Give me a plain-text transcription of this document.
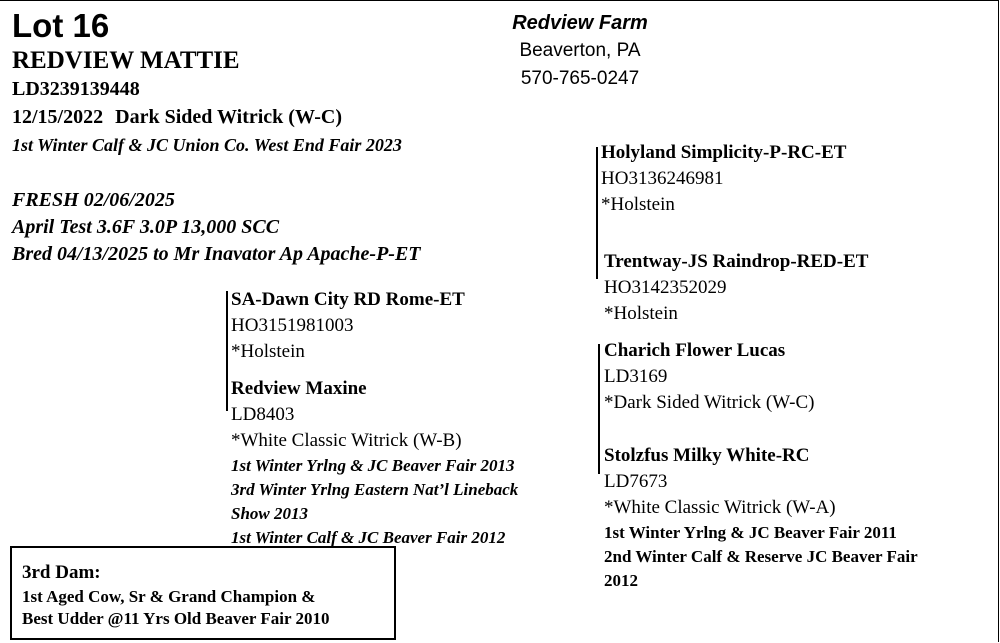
Lot 16
REDVIEW MATTIE
LD3239139448
12/15/2022 Dark Sided Witrick (W-C)
1st Winter Calf & JC Union Co. West End Fair 2023
FRESH 02/06/2025
April Test 3.6F 3.0P 13,000 SCC
Bred 04/13/2025 to Mr Inavator Ap Apache-P-ET
Redview Farm
Beaverton, PA
570-765-0247
SA-Dawn City RD Rome-ET
HO3151981003
*Holstein
Redview Maxine
LD8403
*White Classic Witrick (W-B)
1st Winter Yrlng & JC Beaver Fair 2013
3rd Winter Yrlng Eastern Nat’l Lineback
Show 2013
1st Winter Calf & JC Beaver Fair 2012
Holyland Simplicity-P-RC-ET
HO3136246981
*Holstein
Trentway-JS Raindrop-RED-ET
HO3142352029
*Holstein
Charich Flower Lucas
LD3169
*Dark Sided Witrick (W-C)
Stolzfus Milky White-RC
LD7673
*White Classic Witrick (W-A)
1st Winter Yrlng & JC Beaver Fair 2011
2nd Winter Calf & Reserve JC Beaver Fair
2012
3rd Dam:
1st Aged Cow, Sr & Grand Champion &
Best Udder @11 Yrs Old Beaver Fair 2010
